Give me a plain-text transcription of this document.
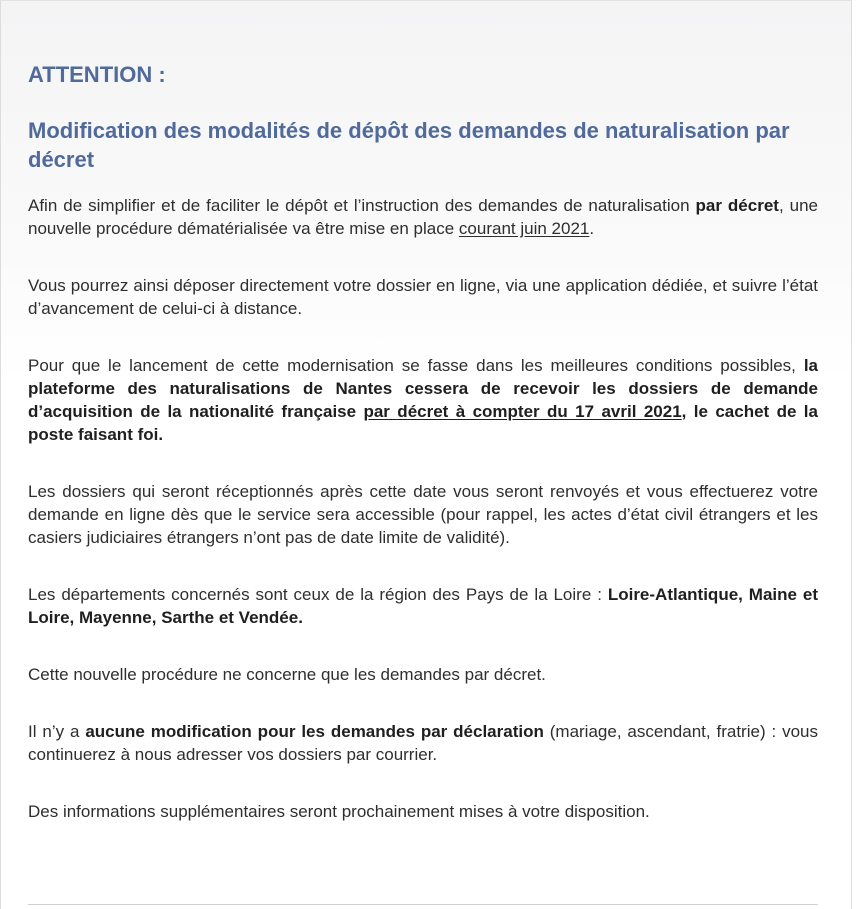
ATTENTION :
Modification des modalités de dépôt des demandes de naturalisation par décret

Afin de simplifier et de faciliter le dépôt et l’instruction des demandes de naturalisation par décret, une nouvelle procédure dématérialisée va être mise en place courant juin 2021.

Vous pourrez ainsi déposer directement votre dossier en ligne, via une application dédiée, et suivre l’état d’avancement de celui-ci à distance.

Pour que le lancement de cette modernisation se fasse dans les meilleures conditions possibles, la plateforme des naturalisations de Nantes cessera de recevoir les dossiers de demande d’acquisition de la nationalité française par décret à compter du 17 avril 2021, le cachet de la poste faisant foi.

Les dossiers qui seront réceptionnés après cette date vous seront renvoyés et vous effectuerez votre demande en ligne dès que le service sera accessible (pour rappel, les actes d’état civil étrangers et les casiers judiciaires étrangers n’ont pas de date limite de validité).

Les départements concernés sont ceux de la région des Pays de la Loire : Loire-Atlantique, Maine et Loire, Mayenne, Sarthe et Vendée.

Cette nouvelle procédure ne concerne que les demandes par décret.

Il n’y a aucune modification pour les demandes par déclaration (mariage, ascendant, fratrie) : vous continuerez à nous adresser vos dossiers par courrier.

Des informations supplémentaires seront prochainement mises à votre disposition.
